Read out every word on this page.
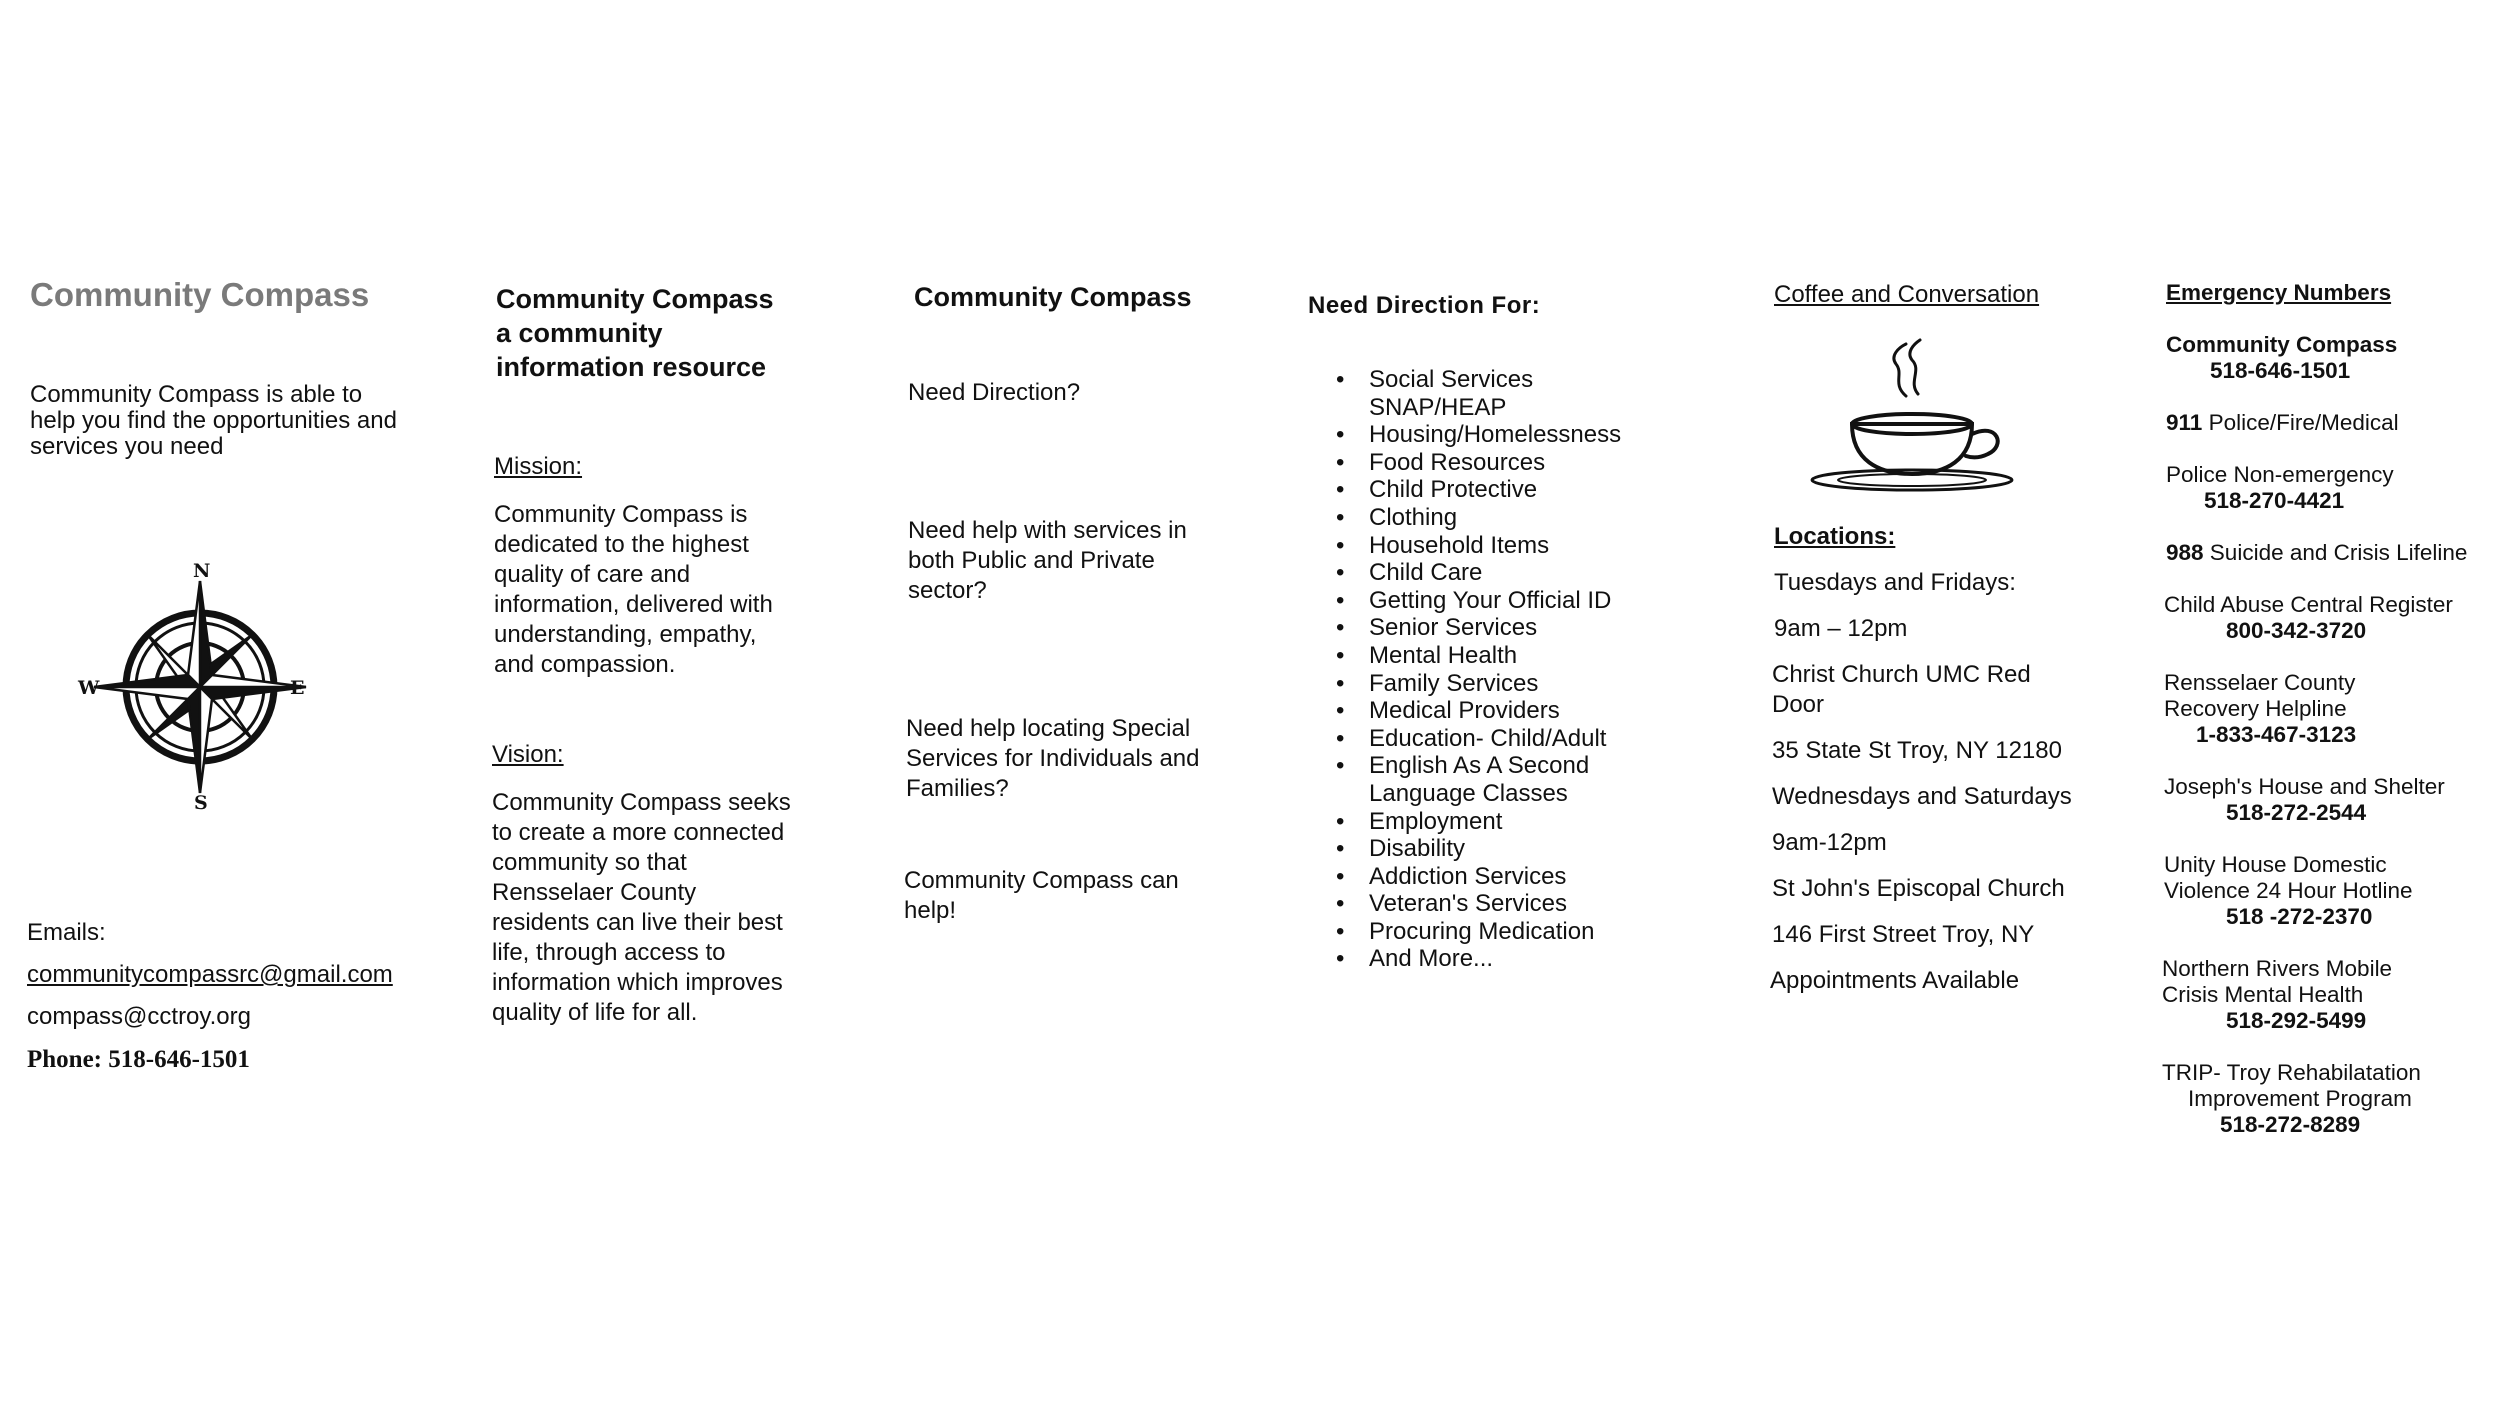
Community Compass
Community Compass is able to
help you find the opportunities and
services you need
N
S
E
W
Emails:
communitycompassrc@gmail.com
compass@cctroy.org
Phone: 518-646-1501
Community Compass
a community
information resource
Mission:
Community Compass is
dedicated to the highest
quality of care and
information, delivered with
understanding, empathy,
and compassion.
Vision:
Community Compass seeks
to create a more connected
community so that
Rensselaer County
residents can live their best
life, through access to
information which improves
quality of life for all.
Community Compass
Need Direction?
Need help with services in
both Public and Private
sector?
Need help locating Special
Services for Individuals and
Families?
Community Compass can
help!
Need Direction For:
• Social Services
SNAP/HEAP
• Housing/Homelessness
• Food Resources
• Child Protective
• Clothing
• Household Items
• Child Care
• Getting Your Official ID
• Senior Services
• Mental Health
• Family Services
• Medical Providers
• Education- Child/Adult
• English As A Second
Language Classes
• Employment
• Disability
• Addiction Services
• Veteran's Services
• Procuring Medication
• And More...
Coffee and Conversation
Locations:
Tuesdays and Fridays:
9am – 12pm
Christ Church UMC Red
Door
35 State St Troy, NY 12180
Wednesdays and Saturdays
9am-12pm
St John's Episcopal Church
146 First Street Troy, NY
Appointments Available
Emergency Numbers
Community Compass
518-646-1501
911 Police/Fire/Medical
Police Non-emergency
518-270-4421
988 Suicide and Crisis Lifeline
Child Abuse Central Register
800-342-3720
Rensselaer County
Recovery Helpline
1-833-467-3123
Joseph's House and Shelter
518-272-2544
Unity House Domestic
Violence 24 Hour Hotline
518 -272-2370
Northern Rivers Mobile
Crisis Mental Health
518-292-5499
TRIP- Troy Rehabilatation
Improvement Program
518-272-8289
